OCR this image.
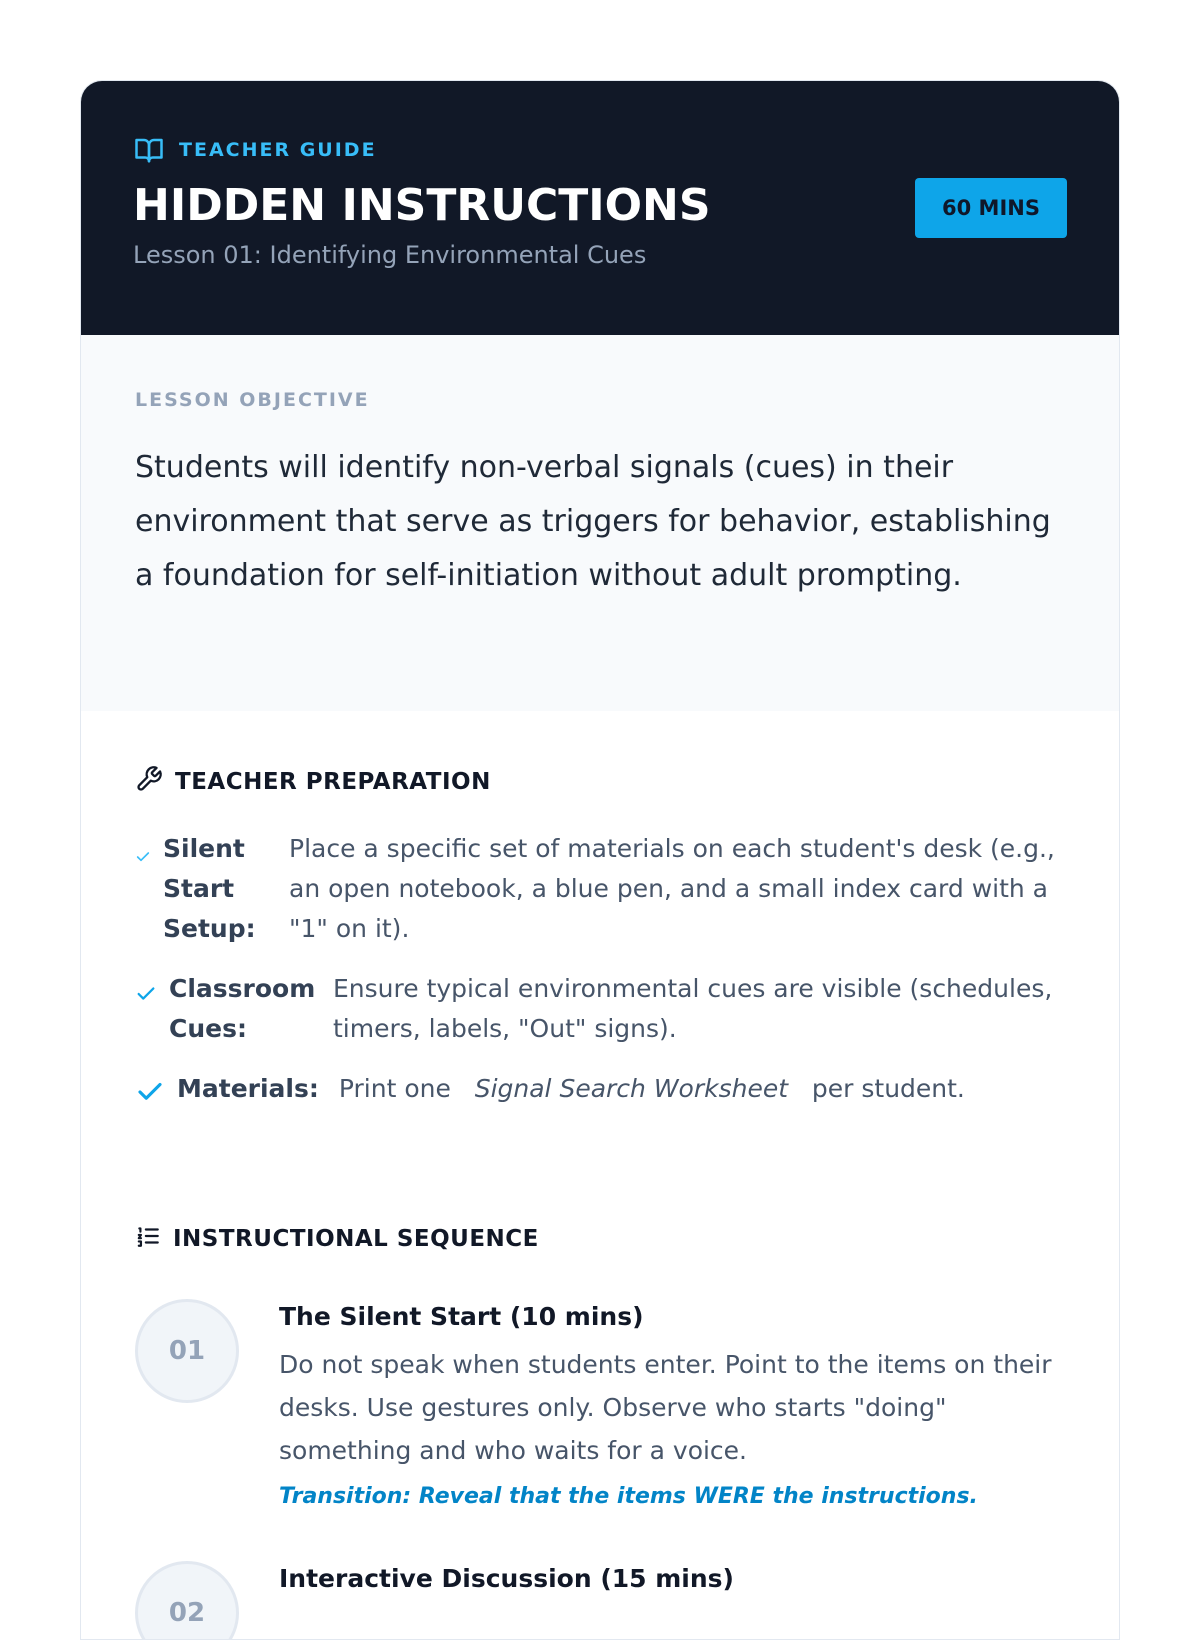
TEACHER GUIDE
HIDDEN INSTRUCTIONS
Lesson 01: Identifying Environmental Cues
60 MINS
LESSON OBJECTIVE
Students will identify non-verbal signals (cues) in their environment that serve as triggers for behavior, establishing a foundation for self-initiation without adult prompting.
TEACHER PREPARATION
Silent Start Setup:
Place a specific set of materials on each student's desk (e.g., an open notebook, a blue pen, and a small index card with a "1" on it).
Classroom Cues:
Ensure typical environmental cues are visible (schedules, timers, labels, "Out" signs).
Materials: Print one Signal Search Worksheet per student.
INSTRUCTIONAL SEQUENCE
01
The Silent Start (10 mins)
Do not speak when students enter. Point to the items on their desks. Use gestures only. Observe who starts "doing" something and who waits for a voice.
Transition: Reveal that the items WERE the instructions.
02
Interactive Discussion (15 mins)
